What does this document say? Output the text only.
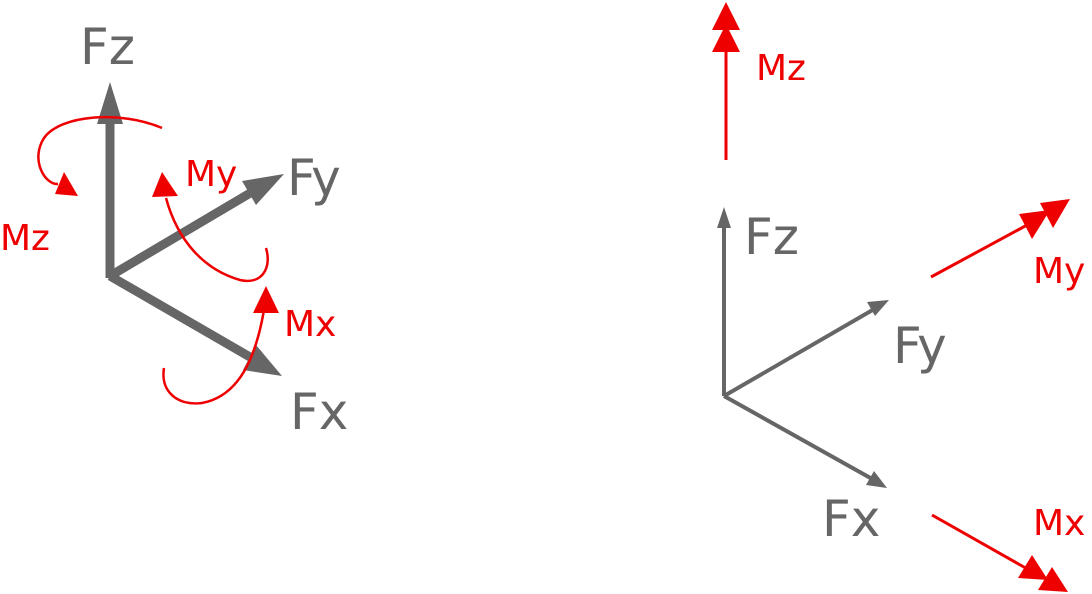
Fz
Fy
Fx
Mz
My
Mx
Fz
Fy
Fx
Mz
My
Mx
